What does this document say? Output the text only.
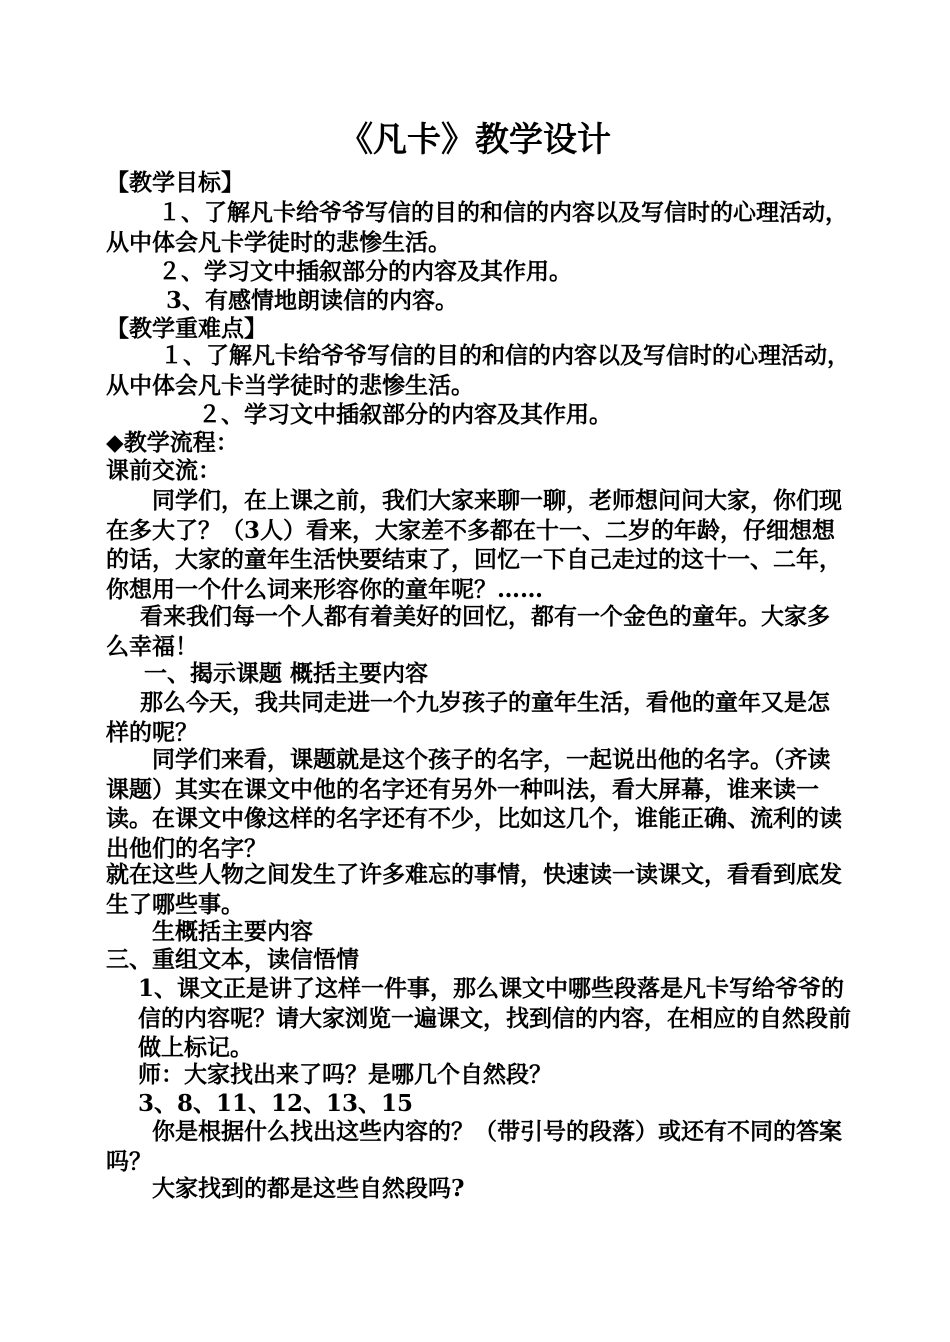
《凡卡》教学设计
【教学目标】
１、了解凡卡给爷爷写信的目的和信的内容以及写信时的心理活动，从中体会凡卡学徒时的悲惨生活。
２、学习文中插叙部分的内容及其作用。
3、有感情地朗读信的内容。
【教学重难点】
１、了解凡卡给爷爷写信的目的和信的内容以及写信时的心理活动，从中体会凡卡当学徒时的悲惨生活。
２、学习文中插叙部分的内容及其作用。
◆教学流程：
课前交流：
同学们，在上课之前，我们大家来聊一聊，老师想问问大家，你们现在多大了？（3人）看来，大家差不多都在十一、二岁的年龄，仔细想想的话，大家的童年生活快要结束了，回忆一下自己走过的这十一、二年，你想用一个什么词来形容你的童年呢？……
看来我们每一个人都有着美好的回忆，都有一个金色的童年。大家多么幸福！
一、揭示课题 概括主要内容
那么今天，我共同走进一个九岁孩子的童年生活，看他的童年又是怎样的呢？
同学们来看，课题就是这个孩子的名字，一起说出他的名字。（齐读课题）其实在课文中他的名字还有另外一种叫法，看大屏幕，谁来读一读。在课文中像这样的名字还有不少，比如这几个，谁能正确、流利的读出他们的名字？
就在这些人物之间发生了许多难忘的事情，快速读一读课文，看看到底发生了哪些事。
生概括主要内容
三、重组文本，读信悟情
1、课文正是讲了这样一件事，那么课文中哪些段落是凡卡写给爷爷的信的内容呢？请大家浏览一遍课文，找到信的内容，在相应的自然段前做上标记。
师：大家找出来了吗？是哪几个自然段？
3、8、11、12、13、15
你是根据什么找出这些内容的？（带引号的段落）或还有不同的答案吗？
大家找到的都是这些自然段吗?
